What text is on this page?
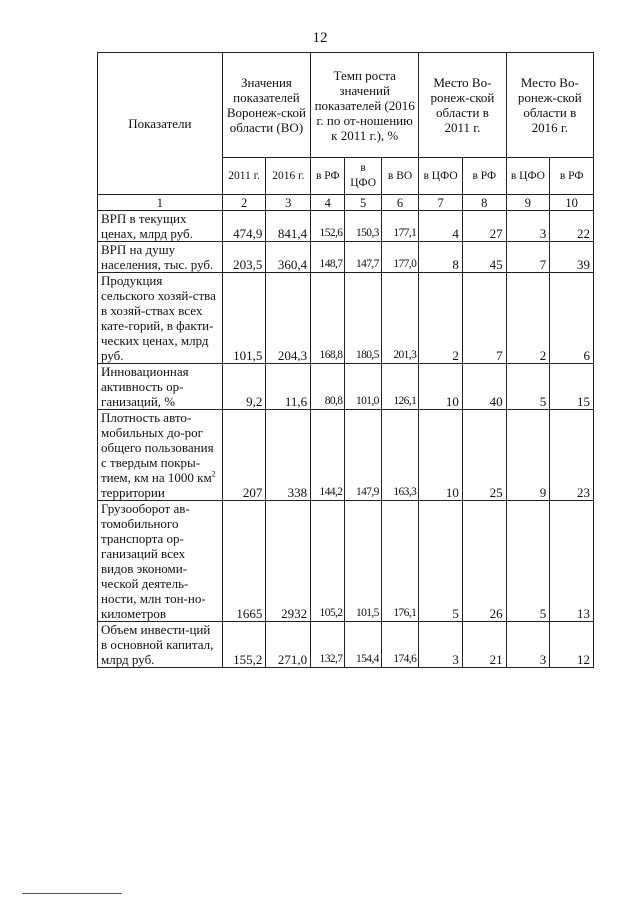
12
Показатели	Значения показателей Воронеж-ской области (ВО)		Темп роста значений показателей (2016 г. по от-ношению к 2011 г.), %			Место Во-ронеж-ской области в 2011 г.		Место Во-ронеж-ской области в 2016 г.	
	2011 г.	2016 г.	в РФ	в ЦФО	в ВО	в ЦФО	в РФ	в ЦФО	в РФ
1	2	3	4	5	6	7	8	9	10
ВРП в текущих ценах, млрд руб.	474,9	841,4	152,6	150,3	177,1	4	27	3	22
ВРП на душу населения, тыс. руб.	203,5	360,4	148,7	147,7	177,0	8	45	7	39
Продукция сельского хозяй-ства в хозяй-ствах всех кате-горий, в факти-ческих ценах, млрд руб.	101,5	204,3	168,8	180,5	201,3	2	7	2	6
Инновационная активность ор-ганизаций, %	9,2	11,6	80,8	101,0	126,1	10	40	5	15
Плотность авто-мобильных до-рог общего пользования с твердым покры-тием, км на 1000 $км^2$ территории	207	338	144,2	147,9	163,3	10	25	9	23
Грузооборот ав-томобильного транспорта ор-ганизаций всех видов экономи-ческой деятель-ности, млн тон-но-километров	1665	2932	105,2	101,5	176,1	5	26	5	13
Объем инвести-ций в основной капитал, млрд руб.	155,2	271,0	132,7	154,4	174,6	3	21	3	12
